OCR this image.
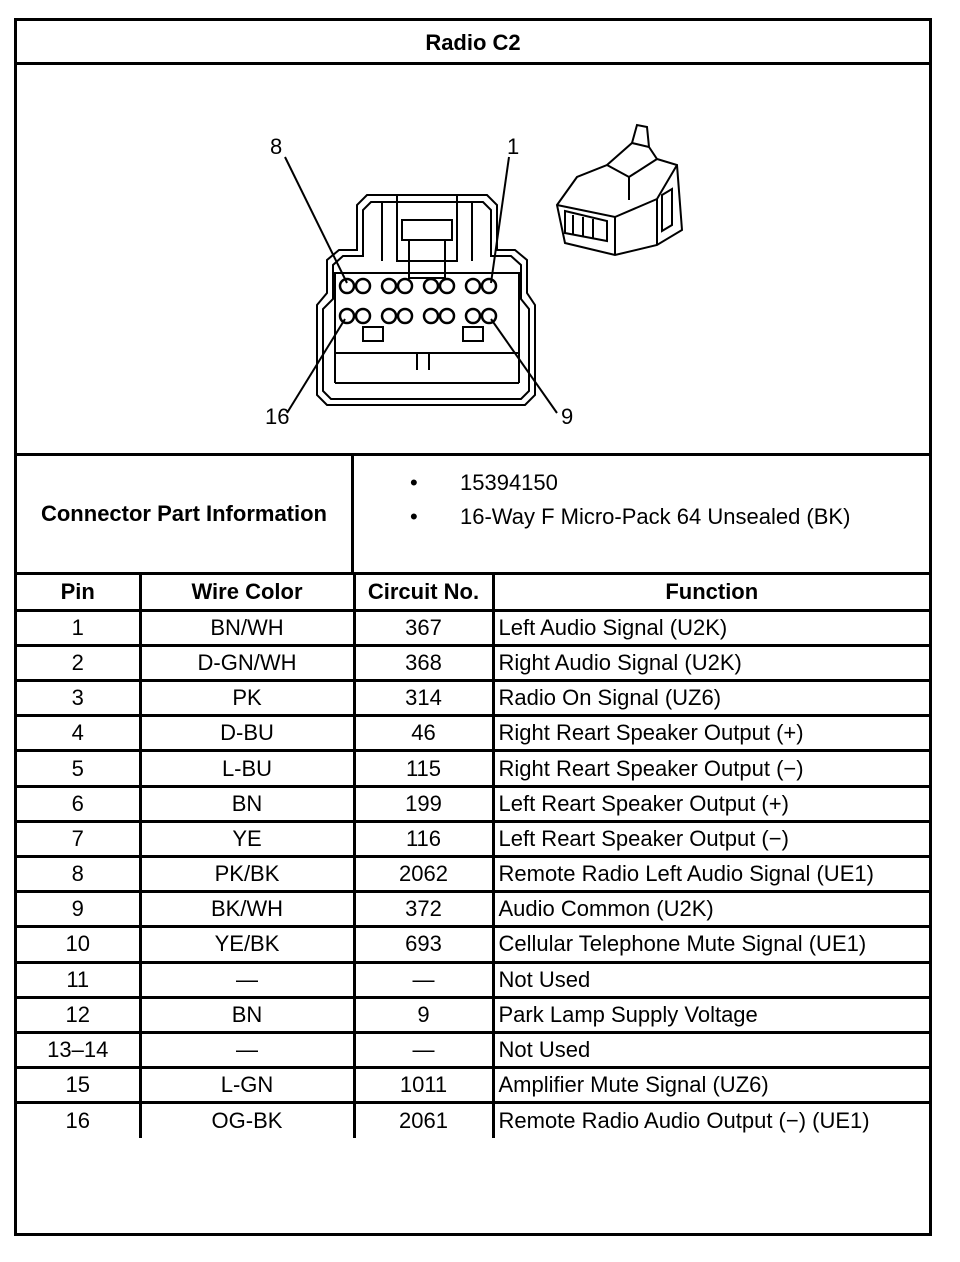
Radio C2
8	1
16	9
Connector Part Information
• 15394150
• 16-Way F Micro-Pack 64 Unsealed (BK)
Pin	Wire Color	Circuit No.	Function
1	BN/WH	367	Left Audio Signal (U2K)
2	D-GN/WH	368	Right Audio Signal (U2K)
3	PK	314	Radio On Signal (UZ6)
4	D-BU	46	Right Reart Speaker Output (+)
5	L-BU	115	Right Reart Speaker Output (−)
6	BN	199	Left Reart Speaker Output (+)
7	YE	116	Left Reart Speaker Output (−)
8	PK/BK	2062	Remote Radio Left Audio Signal (UE1)
9	BK/WH	372	Audio Common (U2K)
10	YE/BK	693	Cellular Telephone Mute Signal (UE1)
11	—	—	Not Used
12	BN	9	Park Lamp Supply Voltage
13–14	—	—	Not Used
15	L-GN	1011	Amplifier Mute Signal (UZ6)
16	OG-BK	2061	Remote Radio Audio Output (−) (UE1)
